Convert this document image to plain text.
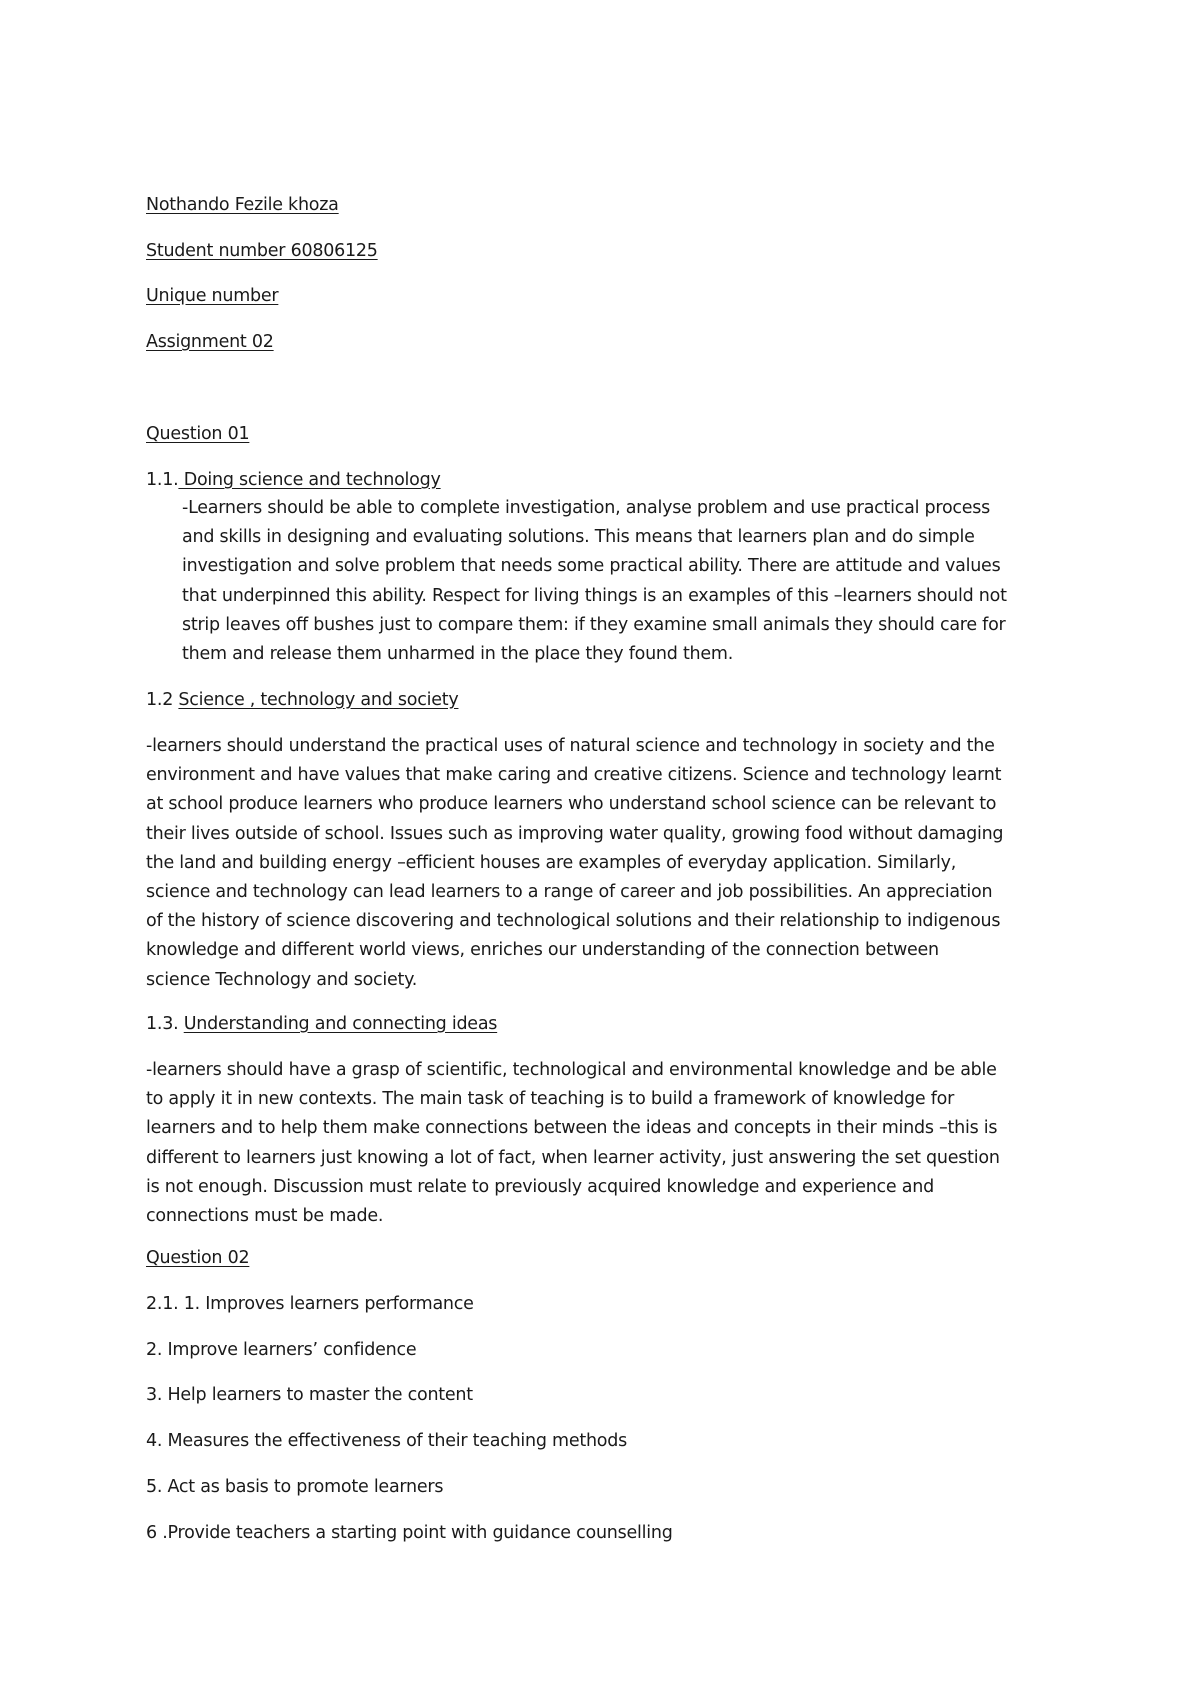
Nothando Fezile khoza
Student number 60806125
Unique number
Assignment 02
Question 01
1.1. Doing science and technology
-Learners should be able to complete investigation, analyse problem and use practical process
and skills in designing and evaluating solutions. This means that learners plan and do simple
investigation and solve problem that needs some practical ability. There are attitude and values
that underpinned this ability. Respect for living things is an examples of this –learners should not
strip leaves off bushes just to compare them: if they examine small animals they should care for
them and release them unharmed in the place they found them.
1.2 Science , technology and society
-learners should understand the practical uses of natural science and technology in society and the
environment and have values that make caring and creative citizens. Science and technology learnt
at school produce learners who produce learners who understand school science can be relevant to
their lives outside of school. Issues such as improving water quality, growing food without damaging
the land and building energy –efficient houses are examples of everyday application. Similarly,
science and technology can lead learners to a range of career and job possibilities. An appreciation
of the history of science discovering and technological solutions and their relationship to indigenous
knowledge and different world views, enriches our understanding of the connection between
science Technology and society.
1.3. Understanding and connecting ideas
-learners should have a grasp of scientific, technological and environmental knowledge and be able
to apply it in new contexts. The main task of teaching is to build a framework of knowledge for
learners and to help them make connections between the ideas and concepts in their minds –this is
different to learners just knowing a lot of fact, when learner activity, just answering the set question
is not enough. Discussion must relate to previously acquired knowledge and experience and
connections must be made.
Question 02
2.1. 1. Improves learners performance
2. Improve learners’ confidence
3. Help learners to master the content
4. Measures the effectiveness of their teaching methods
5. Act as basis to promote learners
6 .Provide teachers a starting point with guidance counselling
